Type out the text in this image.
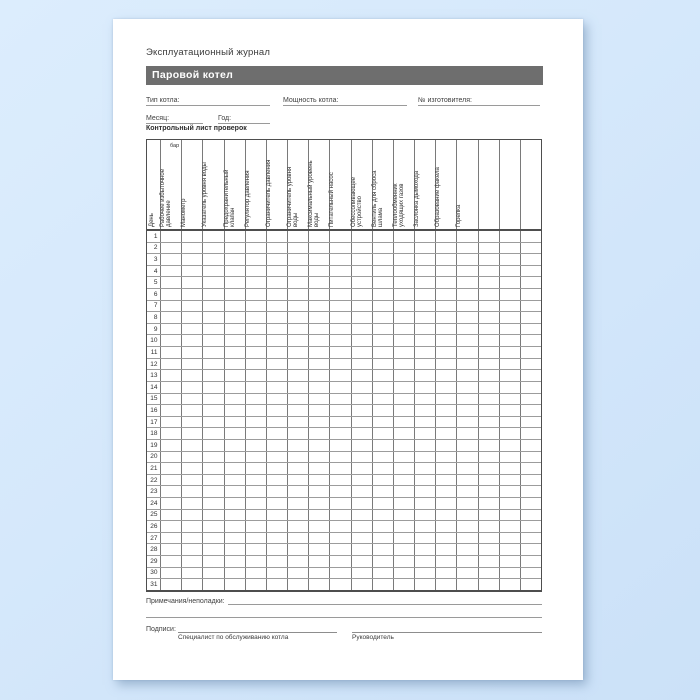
Эксплуатационный журнал
Паровой котел
Тип котла:	Мощность котла:	№ изготовителя:
Месяц:	Год:
Контрольный лист проверок
День Рабочее избыточное давление
бар
Манометр	Указатель уровня воды	Предохранительный клапан	Регулятор давления	Ограничитель давления	Ограничитель уровня воды	Максимальный уровень воды	Питательный насос	Обессоливающее устройство	Вентиль для сброса шлама	Теплообменник уходящих газов	Заслонка дымохода	Образование факела	Горелка
1
2
3
4
5
6
7
8
9
10
11
12
13
14
15
16
17
18
19
20
21
22
23
24
25
26
27
28
29
30
31
Примечания/неполадки:
Подписи:
Специалист по обслуживанию котла	Руководитель
